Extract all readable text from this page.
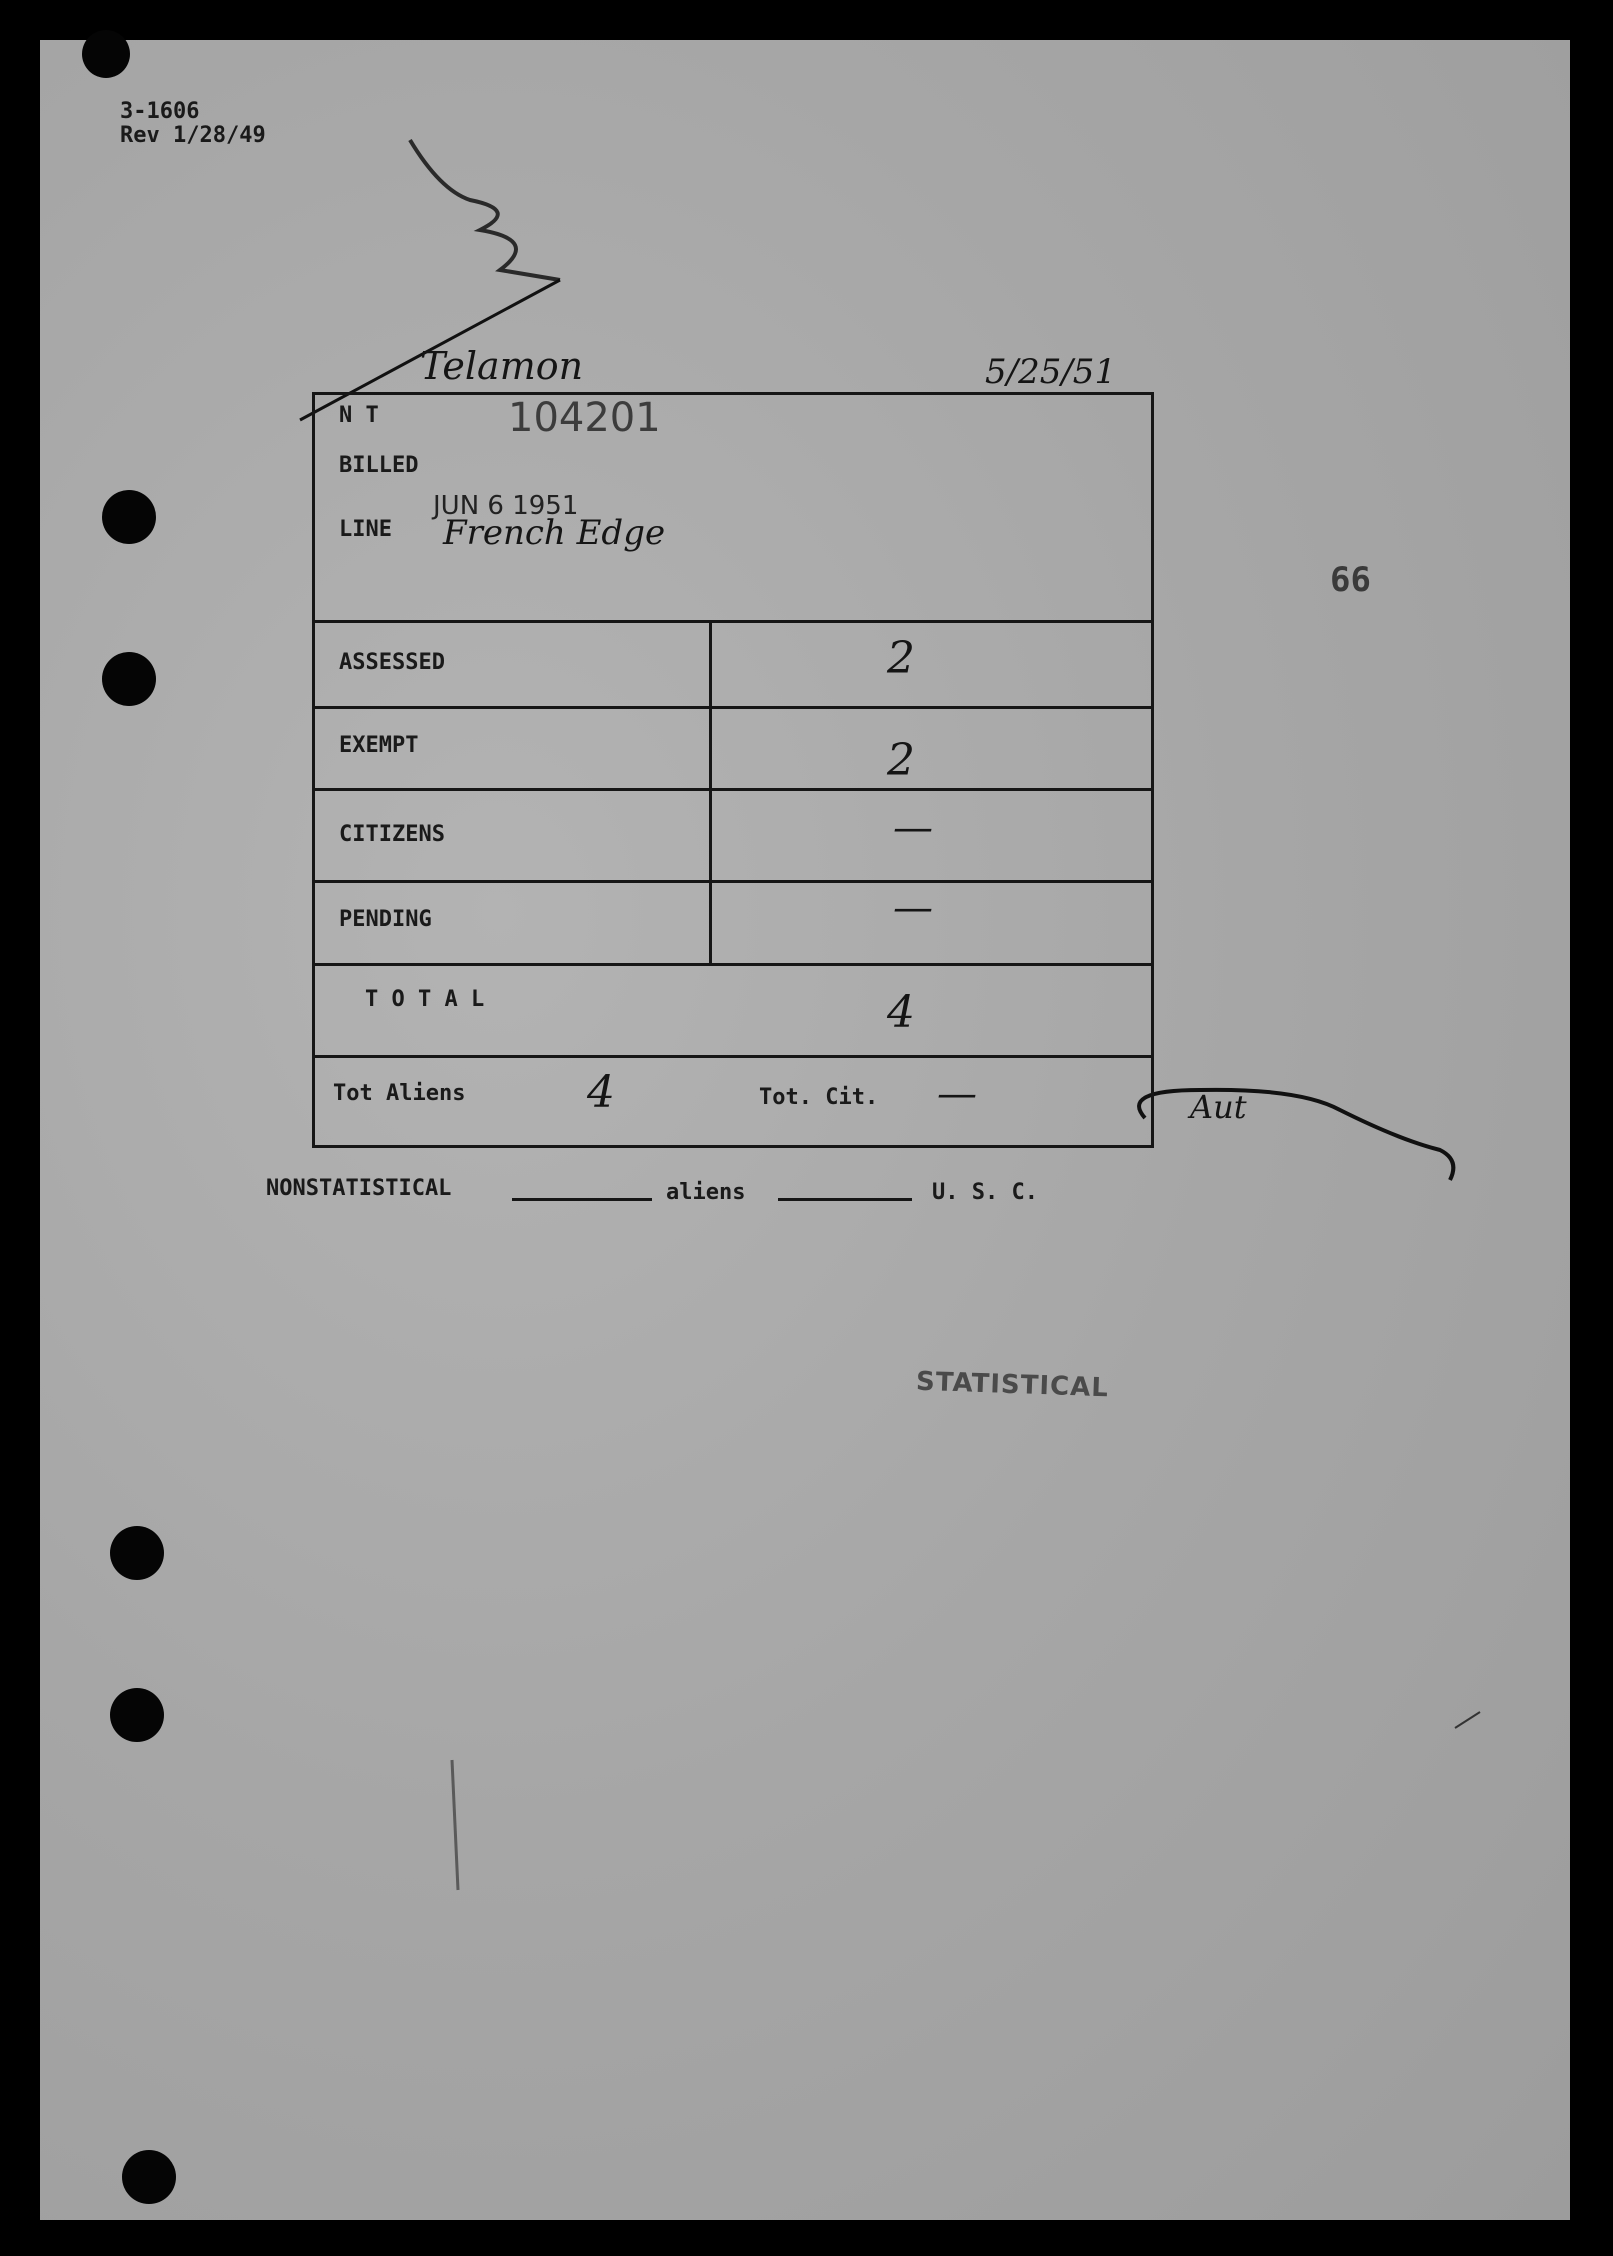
3-1606
Rev 1/28/49
Telamon	5/25/51
66
N T	104201
BILLED
JUN 6 1951
LINE French Edge
ASSESSED	2
EXEMPT	2
CITIZENS	—
PENDING	—
T O T A L	4
Tot Aliens	4	Tot. Cit. —	Aut
NONSTATISTICAL	aliens	U. S. C.
STATISTICAL
